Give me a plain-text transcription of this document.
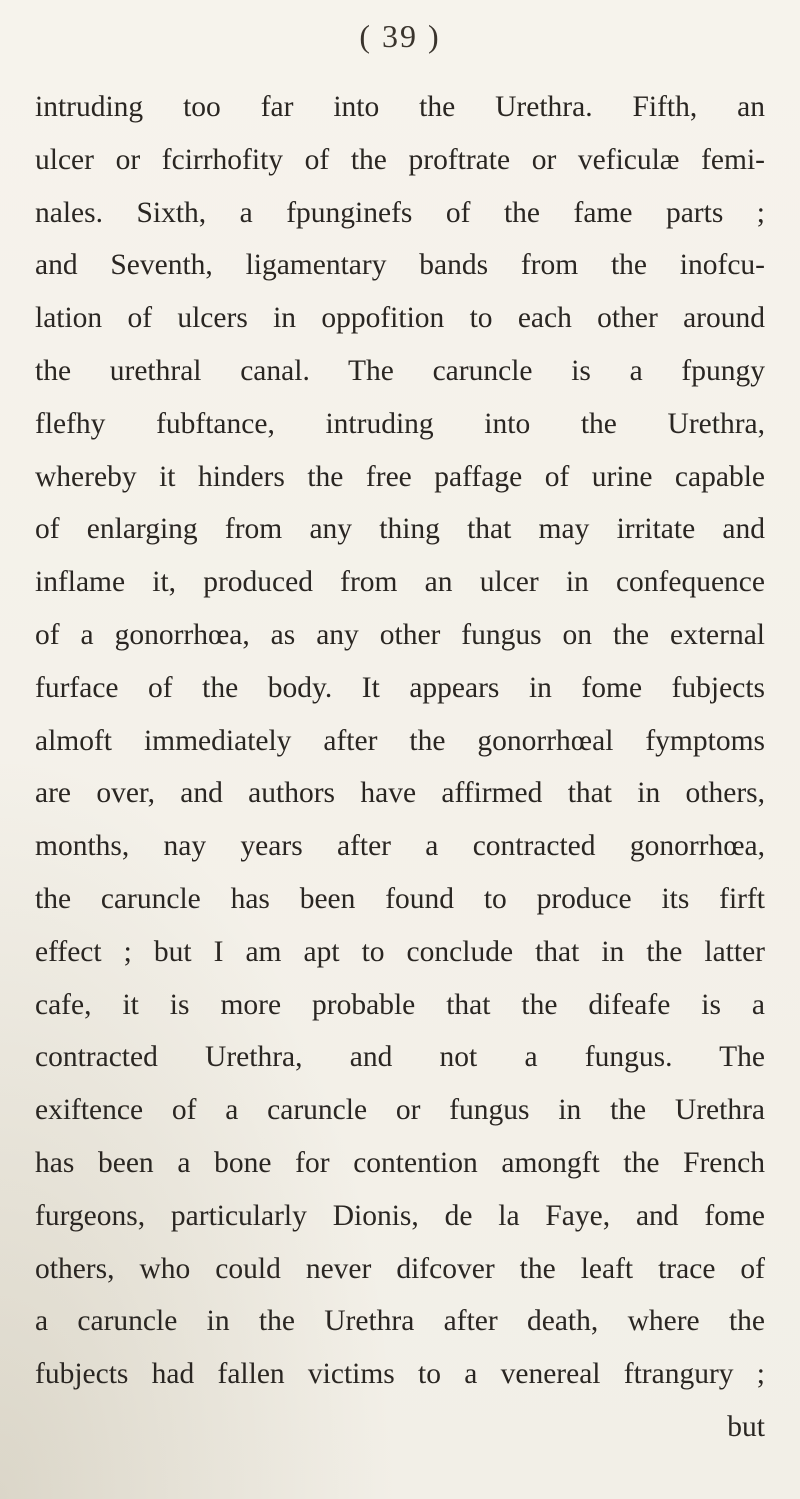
( 39 )
intruding too far into the Urethra. Fifth, an
ulcer or fcirrhofity of the proftrate or veficulæ femi-
nales. Sixth, a fpunginefs of the fame parts ;
and Seventh, ligamentary bands from the inofcu-
lation of ulcers in oppofition to each other around
the urethral canal. The caruncle is a fpungy
flefhy fubftance, intruding into the Urethra,
whereby it hinders the free paffage of urine capable
of enlarging from any thing that may irritate and
inflame it, produced from an ulcer in confequence
of a gonorrhœa, as any other fungus on the external
furface of the body. It appears in fome fubjects
almoft immediately after the gonorrhœal fymptoms
are over, and authors have affirmed that in others,
months, nay years after a contracted gonorrhœa,
the caruncle has been found to produce its firft
effect ; but I am apt to conclude that in the latter
cafe, it is more probable that the difeafe is a
contracted Urethra, and not a fungus. The
exiftence of a caruncle or fungus in the Urethra
has been a bone for contention amongft the French
furgeons, particularly Dionis, de la Faye, and fome
others, who could never difcover the leaft trace of
a caruncle in the Urethra after death, where the
fubjects had fallen victims to a venereal ftrangury ;
but
